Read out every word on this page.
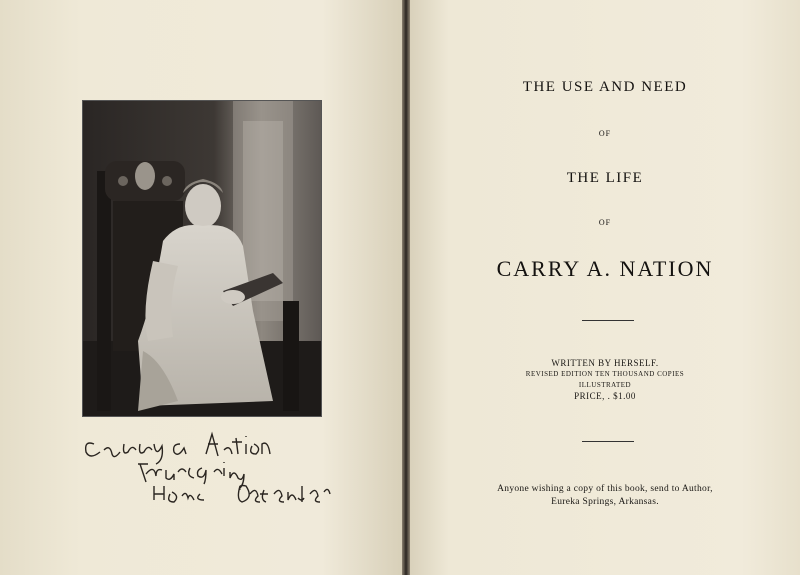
Carry A. Nation
THE USE AND NEED
OF
THE LIFE
OF
CARRY A. NATION
WRITTEN BY HERSELF.
REVISED EDITION TEN THOUSAND COPIES
ILLUSTRATED
PRICE, . $1.00
Anyone wishing a copy of this book, send to Author,
Eureka Springs, Arkansas.
